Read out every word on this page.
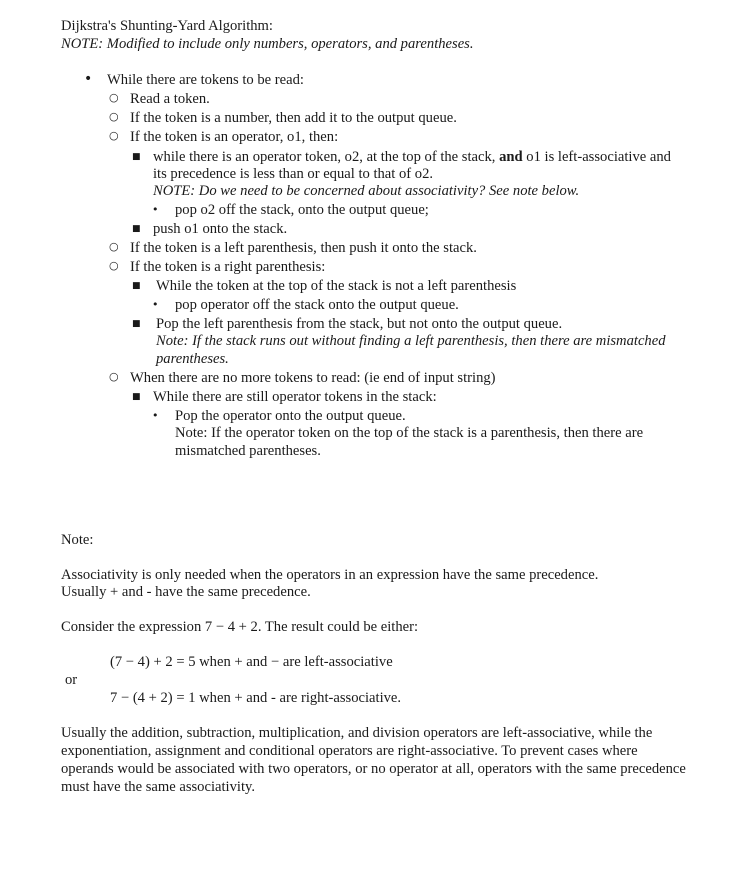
Dijkstra's Shunting-Yard Algorithm:
NOTE: Modified to include only numbers, operators, and parentheses.
• While there are tokens to be read:
○ Read a token.
○ If the token is a number, then add it to the output queue.
○ If the token is an operator, o1, then:
■ while there is an operator token, o2, at the top of the stack, and o1 is left-associative and
its precedence is less than or equal to that of o2.
NOTE: Do we need to be concerned about associativity? See note below.
• pop o2 off the stack, onto the output queue;
■ push o1 onto the stack.
○ If the token is a left parenthesis, then push it onto the stack.
○ If the token is a right parenthesis:
■ While the token at the top of the stack is not a left parenthesis
• pop operator off the stack onto the output queue.
■ Pop the left parenthesis from the stack, but not onto the output queue.
Note: If the stack runs out without finding a left parenthesis, then there are mismatched
parentheses.
○ When there are no more tokens to read: (ie end of input string)
■ While there are still operator tokens in the stack:
• Pop the operator onto the output queue.
Note: If the operator token on the top of the stack is a parenthesis, then there are
mismatched parentheses.
Note:
Associativity is only needed when the operators in an expression have the same precedence.
Usually + and - have the same precedence.
Consider the expression 7 − 4 + 2. The result could be either:
(7 − 4) + 2 = 5 when + and − are left-associative
or
7 − (4 + 2) = 1 when + and - are right-associative.
Usually the addition, subtraction, multiplication, and division operators are left-associative, while the exponentiation, assignment and conditional operators are right-associative. To prevent cases where operands would be associated with two operators, or no operator at all, operators with the same precedence must have the same associativity.
